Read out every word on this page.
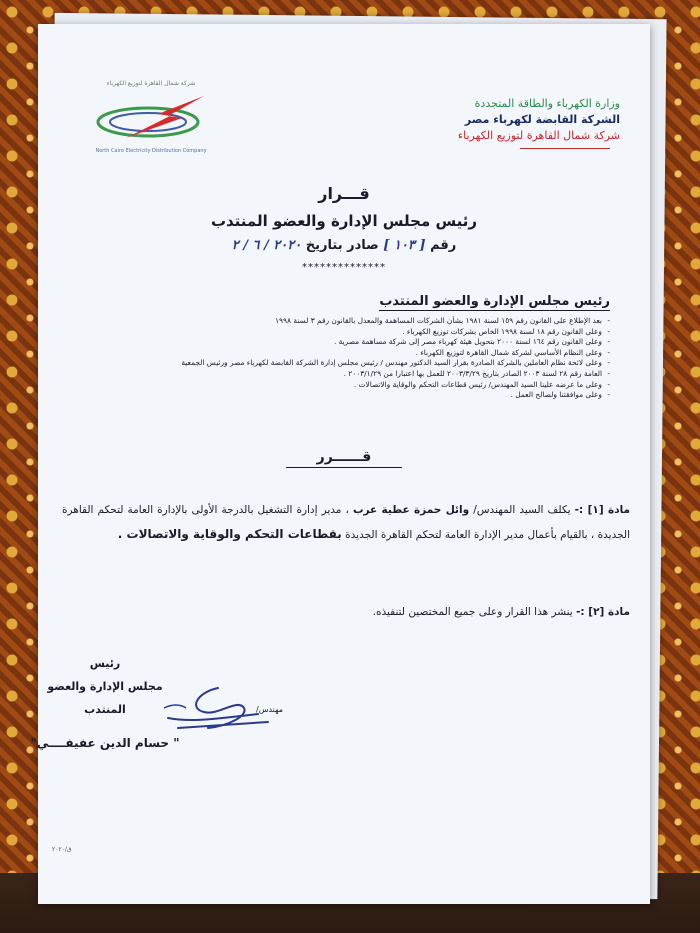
شركة شمال القاهرة لتوزيع الكهرباء
North Cairo Electricity Distribution Company
وزارة الكهرباء والطاقة المتجددة
الشركة القابضة لكهرباء مصر
شركة شمال القاهرة لتوزيع الكهرباء
قـــرار
رئيس مجلس الإدارة والعضو المنتدب
رقم [ ١٠٣ ] صادر بتاريخ ٢٠٢٠ / ٦ / ٢
**************
رئيس مجلس الإدارة والعضو المنتدب
- بعد الإطلاع على القانون رقم ١٥٩ لسنة ١٩٨١ بشأن الشركات المساهمة والمعدل بالقانون رقم ٣ لسنة ١٩٩٨
- وعلى القانون رقم ١٨ لسنة ١٩٩٨ الخاص بشركات توزيع الكهرباء .
- وعلى القانون رقم ١٦٤ لسنة ٢٠٠٠ بتحويل هيئة كهرباء مصر إلى شركة مساهمة مصرية .
- وعلى النظام الأساسي لشركة شمال القاهرة لتوزيع الكهرباء .
- وعلى لائحة نظام العاملين بالشركة الصادرة بقرار السيد الدكتور مهندس / رئيس مجلس إدارة الشركة القابضة لكهرباء مصر ورئيس الجمعية
- العامة رقم ٢٨ لسنة ٢٠٠٣ الصادر بتاريخ ٢٠٠٣/٣/٢٩ للعمل بها اعتبارا من ٢٠٠٣/١/٢٩ .
- وعلى ما عرضه علينا السيد المهندس/ رئيس قطاعات التحكم والوقاية والاتصالات .
- وعلى موافقتنا ولصالح العمل .
قــــــرر
مادة [١] :- يكلف السيد المهندس/ وائل حمزة عطية عرب ، مدير إدارة التشغيل بالدرجة الأولى بالإدارة العامة لتحكم القاهرة الجديدة ، بالقيام بأعمال مدير الإدارة العامة لتحكم القاهرة الجديدة بقطاعات التحكم والوقاية والاتصالات .
مادة [٢] :- ينشر هذا القرار وعلى جميع المختصين لتنفيذه.
رئيس
مجلس الإدارة والعضو المنتدب	مهندس/
" حسام الدين عفيفــــي"
ق/٢٠٢٠
